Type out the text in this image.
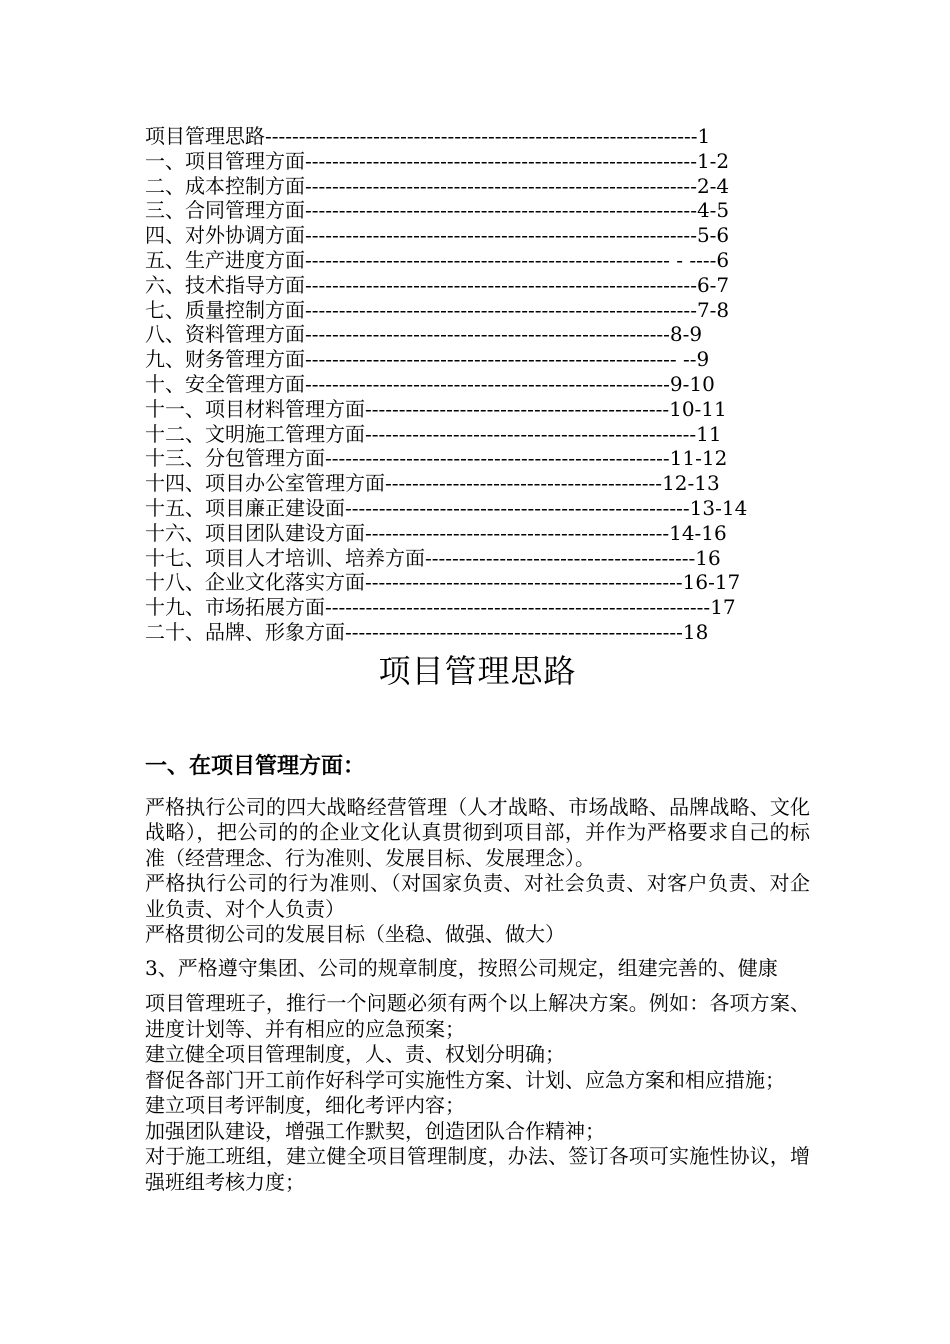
项目管理思路----------------------------------------------------------------1
一、项目管理方面----------------------------------------------------------1-2
二、成本控制方面----------------------------------------------------------2-4
三、合同管理方面----------------------------------------------------------4-5
四、对外协调方面----------------------------------------------------------5-6
五、生产进度方面------------------------------------------------------ - ----6
六、技术指导方面----------------------------------------------------------6-7
七、质量控制方面----------------------------------------------------------7-8
八、资料管理方面------------------------------------------------------8-9
九、财务管理方面------------------------------------------------------- --9
十、安全管理方面------------------------------------------------------9-10
十一、项目材料管理方面---------------------------------------------10-11
十二、文明施工管理方面-------------------------------------------------11
十三、分包管理方面---------------------------------------------------11-12
十四、项目办公室管理方面-----------------------------------------12-13
十五、项目廉正建设面---------------------------------------------------13-14
十六、项目团队建设方面---------------------------------------------14-16
十七、项目人才培训、培养方面----------------------------------------16
十八、企业文化落实方面-----------------------------------------------16-17
十九、市场拓展方面---------------------------------------------------------17
二十、品牌、形象方面--------------------------------------------------18
项目管理思路
一、在项目管理方面：

严格执行公司的四大战略经营管理（人才战略、市场战略、品牌战略、文化战略），把公司的的企业文化认真贯彻到项目部，并作为严格要求自己的标准（经营理念、行为准则、发展目标、发展理念）。

严格执行公司的行为准则、（对国家负责、对社会负责、对客户负责、对企业负责、对个人负责）

严格贯彻公司的发展目标（坐稳、做强、做大）

3、严格遵守集团、公司的规章制度，按照公司规定，组建完善的、健康

项目管理班子，推行一个问题必须有两个以上解决方案。例如：各项方案、进度计划等、并有相应的应急预案；

建立健全项目管理制度，人、责、权划分明确；

督促各部门开工前作好科学可实施性方案、计划、应急方案和相应措施；

建立项目考评制度，细化考评内容；

加强团队建设，增强工作默契，创造团队合作精神；

对于施工班组，建立健全项目管理制度，办法、签订各项可实施性协议，增强班组考核力度；
